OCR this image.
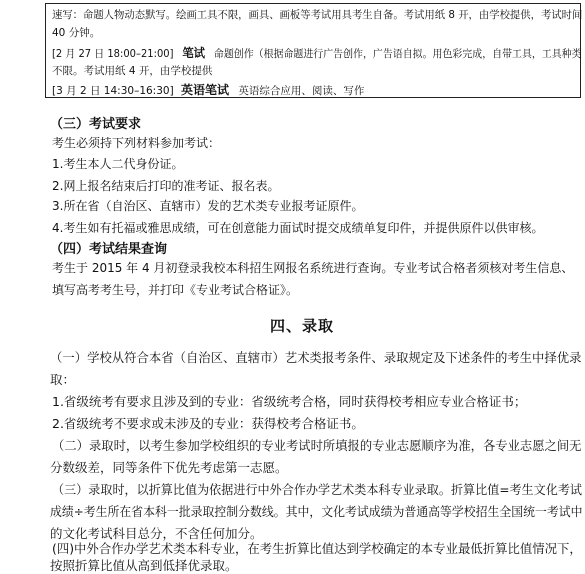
速写：命题人物动态默写。绘画工具不限，画具、画板等考试用具考生自备。考试用纸 8 开，由学校提供，考试时间
40 分钟。
[2 月 27 日 18:00–21:00] 笔试 命题创作（根据命题进行广告创作，广告语自拟。用色彩完成，自带工具，工具种类
不限。考试用纸 4 开，由学校提供
[3 月 2 日 14:30–16:30] 英语笔试 英语综合应用、阅读、写作
（三）考试要求
考生必须持下列材料参加考试：
1.考生本人二代身份证。
2.网上报名结束后打印的准考证、报名表。
3.所在省（自治区、直辖市）发的艺术类专业报考证原件。
4.考生如有托福或雅思成绩，可在创意能力面试时提交成绩单复印件，并提供原件以供审核。
（四）考试结果查询
考生于 2015 年 4 月初登录我校本科招生网报名系统进行查询。专业考试合格者须核对考生信息、
填写高考考生号，并打印《专业考试合格证》。
四、录取
（一）学校从符合本省（自治区、直辖市）艺术类报考条件、录取规定及下述条件的考生中择优录
取：
1.省级统考有要求且涉及到的专业：省级统考合格，同时获得校考相应专业合格证书；
2.省级统考不要求或未涉及的专业：获得校考合格证书。
（二）录取时，以考生参加学校组织的专业考试时所填报的专业志愿顺序为准，各专业志愿之间无
分数级差，同等条件下优先考虑第一志愿。
（三）录取时，以折算比值为依据进行中外合作办学艺术类本科专业录取。折算比值=考生文化考试
成绩÷考生所在省本科一批录取控制分数线。其中，文化考试成绩为普通高等学校招生全国统一考试中
的文化考试科目总分，不含任何加分。
(四)中外合作办学艺术类本科专业，在考生折算比值达到学校确定的本专业最低折算比值情况下，
按照折算比值从高到低择优录取。
